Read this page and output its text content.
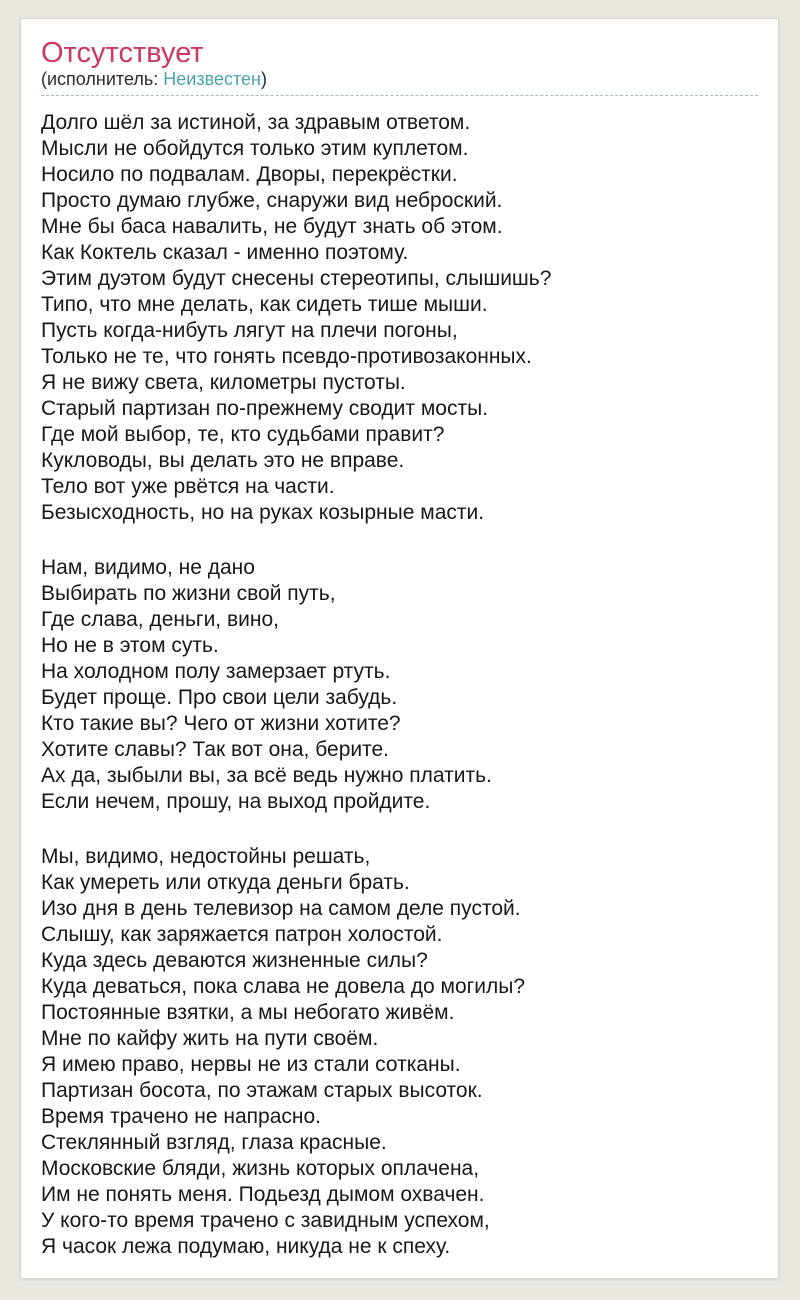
Отсутствует
(исполнитель: Неизвестен)
Долго шёл за истиной, за здравым ответом.
Мысли не обойдутся только этим куплетом.
Носило по подвалам. Дворы, перекрёстки.
Просто думаю глубже, снаружи вид неброский.
Мне бы баса навалить, не будут знать об этом.
Как Коктель сказал - именно поэтому.
Этим дуэтом будут снесены стереотипы, слышишь?
Типо, что мне делать, как сидеть тише мыши.
Пусть когда-нибуть лягут на плечи погоны,
Только не те, что гонять псевдо-противозаконных.
Я не вижу света, километры пустоты.
Старый партизан по-прежнему сводит мосты.
Где мой выбор, те, кто судьбами правит?
Кукловоды, вы делать это не вправе.
Тело вот уже рвётся на части.
Безысходность, но на руках козырные масти.
Нам, видимо, не дано
Выбирать по жизни свой путь,
Где слава, деньги, вино,
Но не в этом суть.
На холодном полу замерзает ртуть.
Будет проще. Про свои цели забудь.
Кто такие вы? Чего от жизни хотите?
Хотите славы? Так вот она, берите.
Ах да, зыбыли вы, за всё ведь нужно платить.
Если нечем, прошу, на выход пройдите.
Мы, видимо, недостойны решать,
Как умереть или откуда деньги брать.
Изо дня в день телевизор на самом деле пустой.
Слышу, как заряжается патрон холостой.
Куда здесь деваются жизненные силы?
Куда деваться, пока слава не довела до могилы?
Постоянные взятки, а мы небогато живём.
Мне по кайфу жить на пути своём.
Я имею право, нервы не из стали сотканы.
Партизан босота, по этажам старых высоток.
Время трачено не напрасно.
Стеклянный взгляд, глаза красные.
Московские бляди, жизнь которых оплачена,
Им не понять меня. Подьезд дымом охвачен.
У кого-то время трачено с завидным успехом,
Я часок лежа подумаю, никуда не к спеху.
